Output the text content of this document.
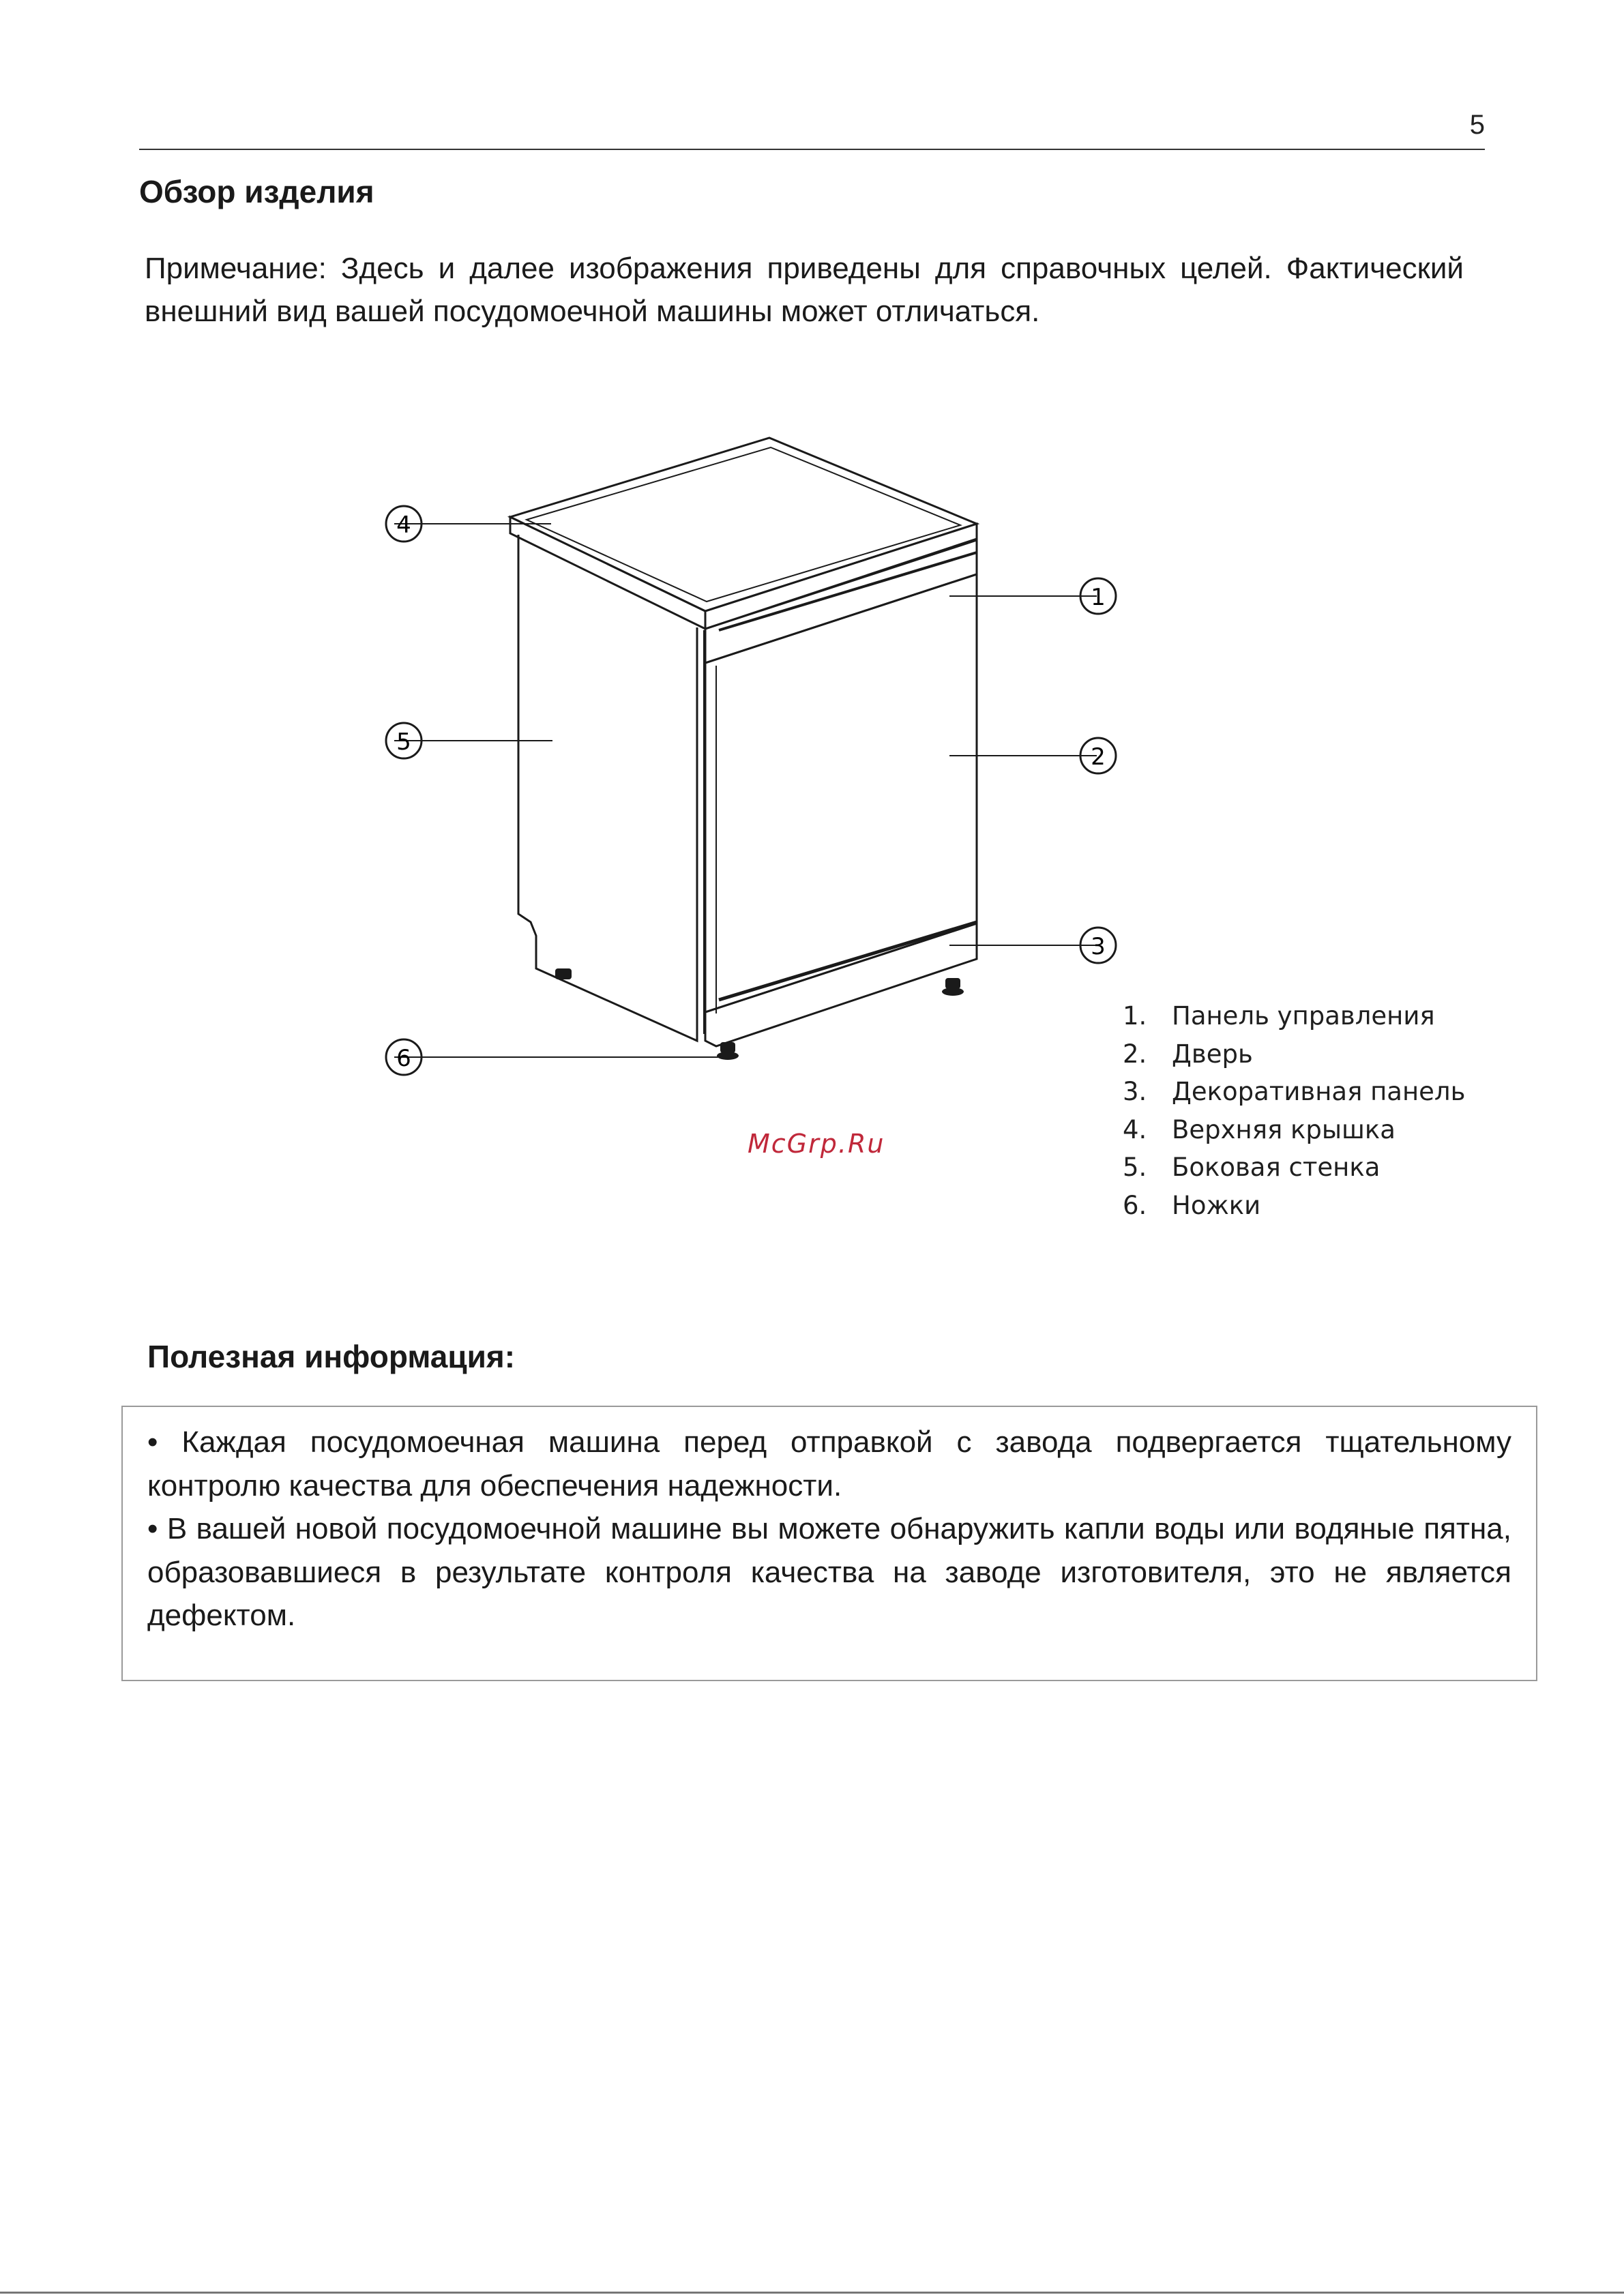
5
Обзор изделия
Примечание: Здесь и далее изображения приведены для справочных целей. Фактический внешний вид вашей посудомоечной машины может отличаться.
4
5
6
1
2
3
McGrp.Ru
1. Панель управления
2. Дверь
3. Декоративная панель
4. Верхняя крышка
5. Боковая стенка
6. Ножки
Полезная информация:

• Каждая посудомоечная машина перед отправкой с завода подвергается тщательному контролю качества для обеспечения надежности.

• В вашей новой посудомоечной машине вы можете обнаружить капли воды или водяные пятна, образовавшиеся в результате контроля качества на заводе изготовителя, это не является дефектом.
